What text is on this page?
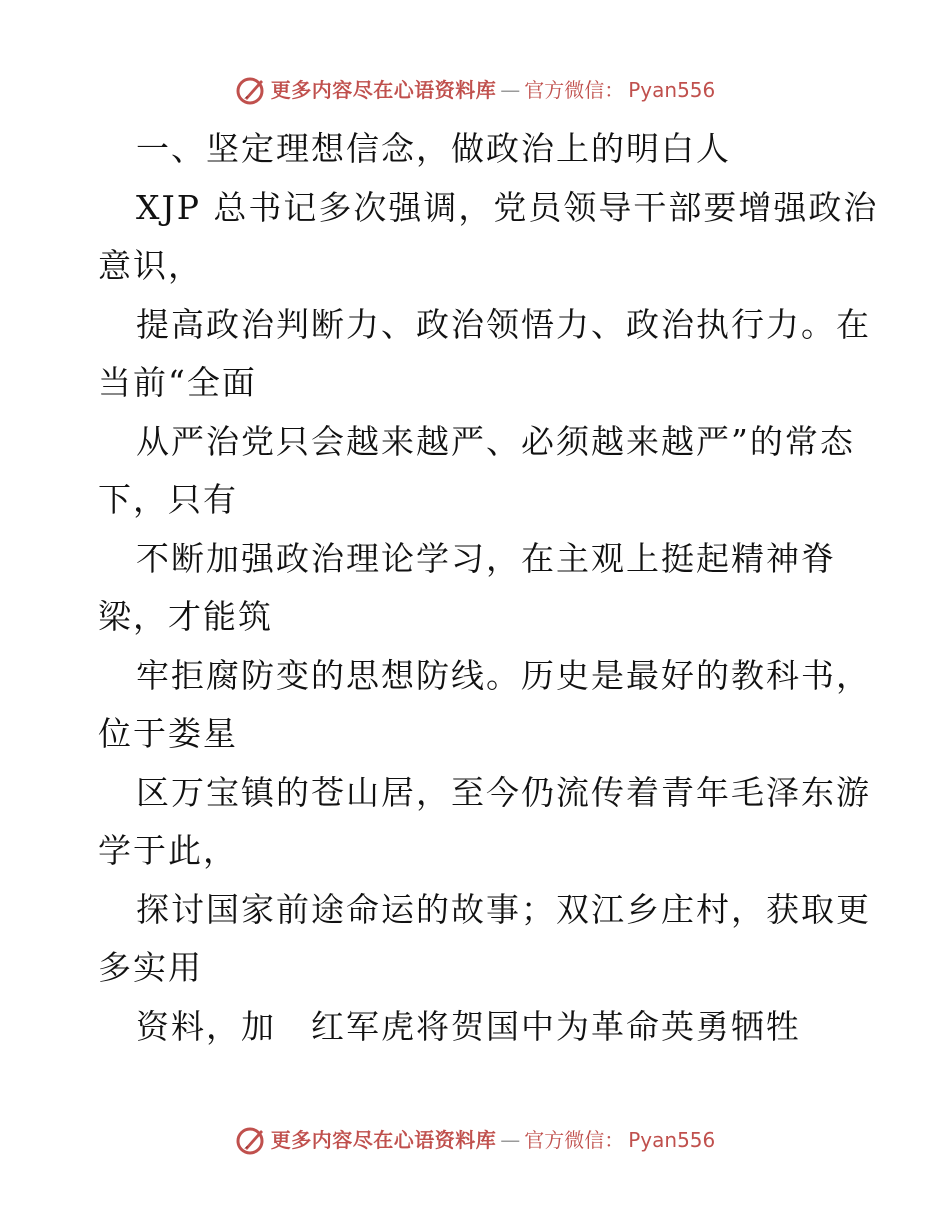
更多内容尽在心语资料库 — 官方微信： Pyan556
一、坚定理想信念，做政治上的明白人
XJP 总书记多次强调，党员领导干部要增强政治
意识，
提高政治判断力、政治领悟力、政治执行力。在
当前“全面
从严治党只会越来越严、必须越来越严”的常态
下，只有
不断加强政治理论学习，在主观上挺起精神脊
梁，才能筑
牢拒腐防变的思想防线。历史是最好的教科书，
位于娄星
区万宝镇的苍山居，至今仍流传着青年毛泽东游
学于此，
探讨国家前途命运的故事；双江乡庄村，获取更
多实用
资料，加　红军虎将贺国中为革命英勇牺牲
更多内容尽在心语资料库 — 官方微信： Pyan556
